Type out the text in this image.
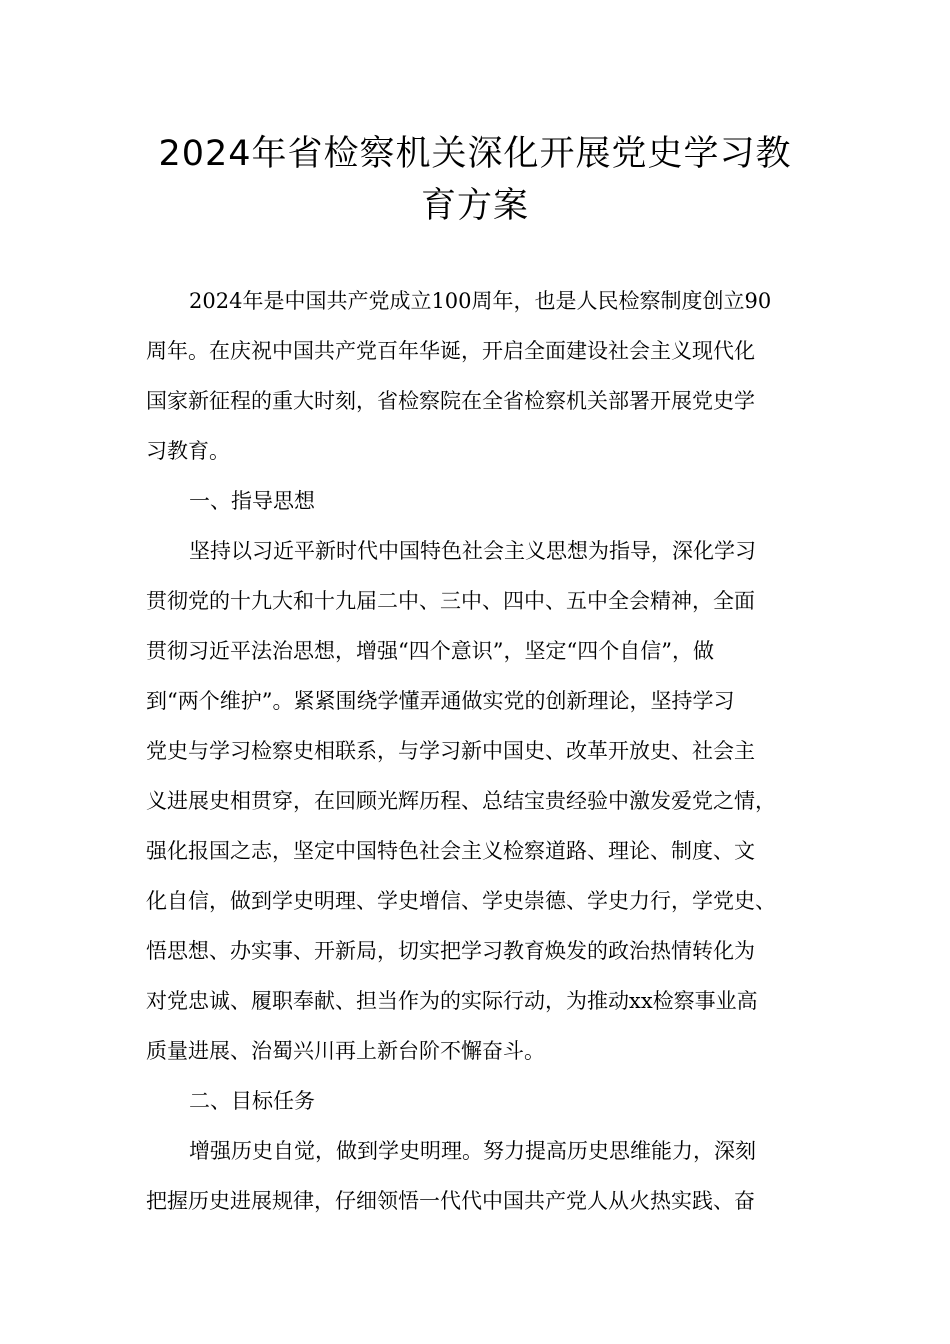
2024年省检察机关深化开展党史学习教
育方案

2024年是中国共产党成立100周年，也是人民检察制度创立90

周年。在庆祝中国共产党百年华诞，开启全面建设社会主义现代化

国家新征程的重大时刻，省检察院在全省检察机关部署开展党史学

习教育。

一、指导思想

坚持以习近平新时代中国特色社会主义思想为指导，深化学习

贯彻党的十九大和十九届二中、三中、四中、五中全会精神，全面

贯彻习近平法治思想，增强“四个意识”，坚定“四个自信”，做

到“两个维护”。紧紧围绕学懂弄通做实党的创新理论，坚持学习

党史与学习检察史相联系，与学习新中国史、改革开放史、社会主

义进展史相贯穿，在回顾光辉历程、总结宝贵经验中激发爱党之情，

强化报国之志，坚定中国特色社会主义检察道路、理论、制度、文

化自信，做到学史明理、学史增信、学史崇德、学史力行，学党史、

悟思想、办实事、开新局，切实把学习教育焕发的政治热情转化为

对党忠诚、履职奉献、担当作为的实际行动，为推动xx检察事业高

质量进展、治蜀兴川再上新台阶不懈奋斗。

二、目标任务

增强历史自觉，做到学史明理。努力提高历史思维能力，深刻

把握历史进展规律，仔细领悟一代代中国共产党人从火热实践、奋
